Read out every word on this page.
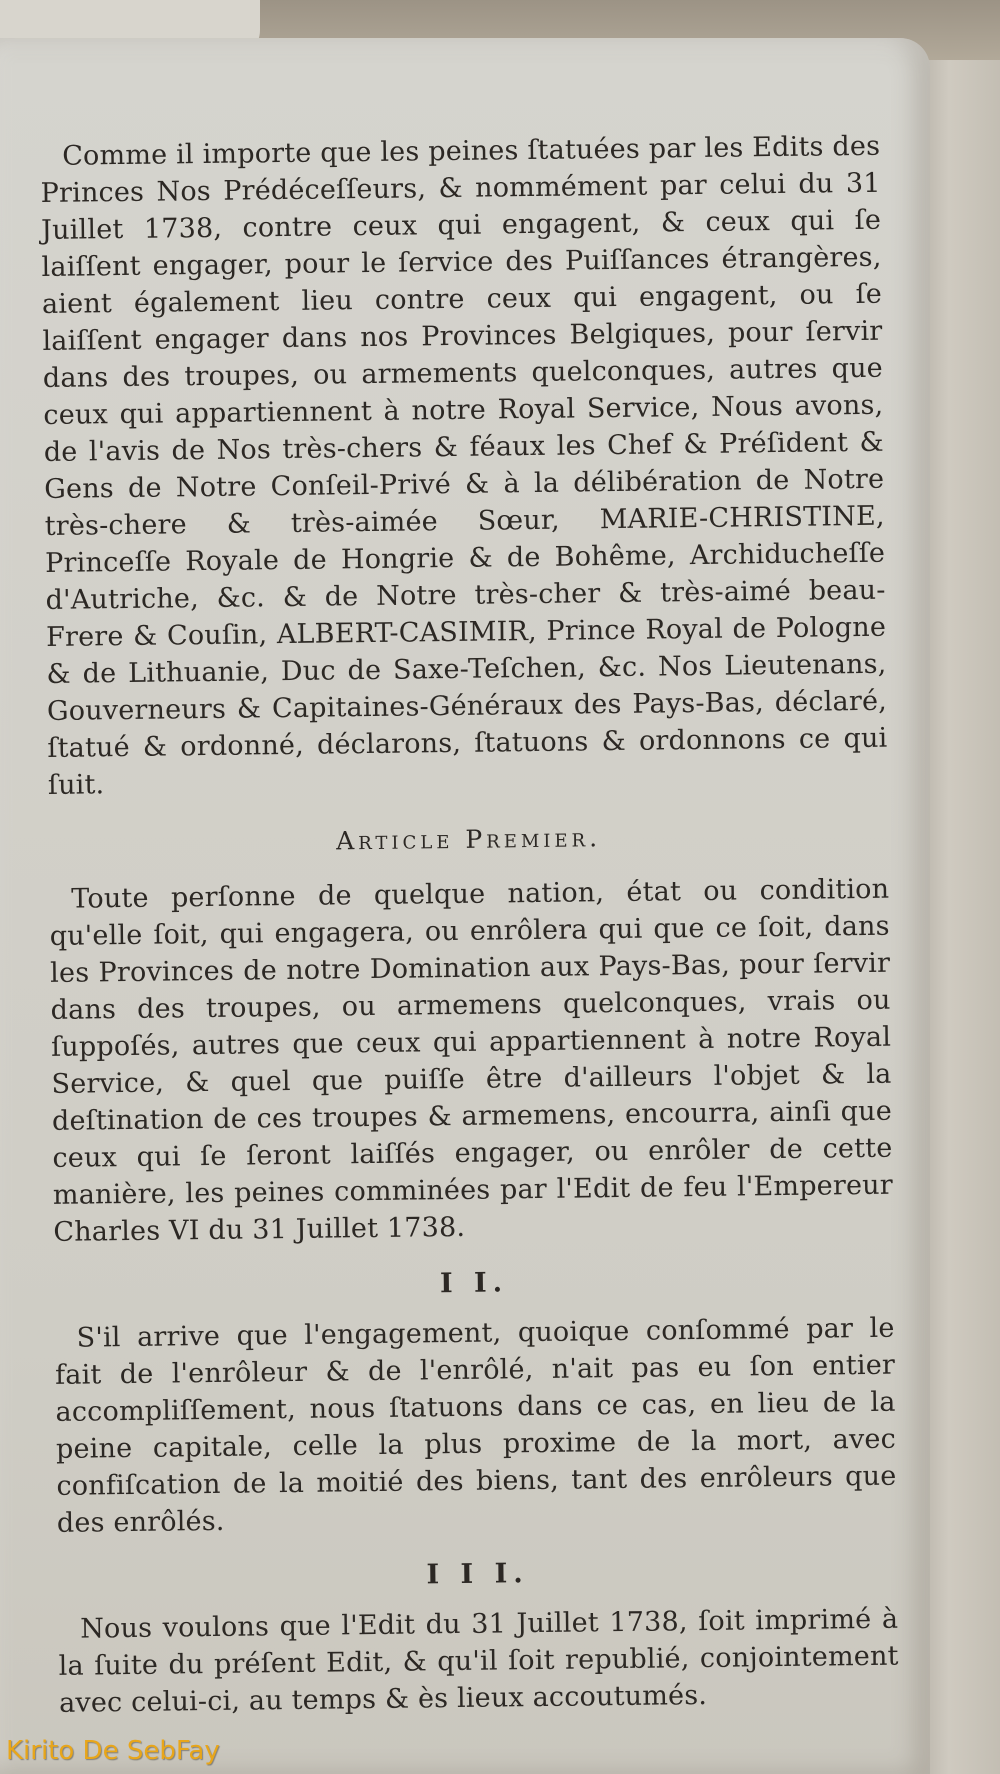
Comme il importe que les peines ſtatuées par les Edits des Princes Nos Prédéceſſeurs, & nommément par celui du 31 Juillet 1738, contre ceux qui engagent, & ceux qui ſe laiſſent engager, pour le ſervice des Puiſſances étrangères, aient également lieu contre ceux qui engagent, ou ſe laiſſent engager dans nos Provinces Belgiques, pour ſervir dans des troupes, ou armements quelconques, autres que ceux qui appartiennent à notre Royal Service, Nous avons, de l'avis de Nos très-chers & féaux les Chef & Préſident & Gens de Notre Conſeil-Privé & à la délibération de Notre très-chere & très-aimée Sœur, MARIE-CHRISTINE, Princeſſe Royale de Hongrie & de Bohême, Archiducheſſe d'Autriche, &c. & de Notre très-cher & très-aimé beau-Frere & Couſin, ALBERT-CASIMIR, Prince Royal de Pologne & de Lithuanie, Duc de Saxe-Teſchen, &c. Nos Lieutenans, Gouverneurs & Capitaines-Généraux des Pays-Bas, déclaré, ſtatué & ordonné, déclarons, ſtatuons & ordonnons ce qui ſuit.

Article Premier.

Toute perſonne de quelque nation, état ou condition qu'elle ſoit, qui engagera, ou enrôlera qui que ce ſoit, dans les Provinces de notre Domination aux Pays-Bas, pour ſervir dans des troupes, ou armemens quelconques, vrais ou ſuppoſés, autres que ceux qui appartiennent à notre Royal Service, & quel que puiſſe être d'ailleurs l'objet & la deſtination de ces troupes & armemens, encourra, ainſi que ceux qui ſe ſeront laiſſés engager, ou enrôler de cette manière, les peines comminées par l'Edit de feu l'Empereur Charles VI du 31 Juillet 1738.

I I.

S'il arrive que l'engagement, quoique conſommé par le fait de l'enrôleur & de l'enrôlé, n'ait pas eu ſon entier accompliſſement, nous ſtatuons dans ce cas, en lieu de la peine capitale, celle la plus proxime de la mort, avec confiſcation de la moitié des biens, tant des enrôleurs que des enrôlés.

I I I.

Nous voulons que l'Edit du 31 Juillet 1738, ſoit imprimé à la ſuite du préſent Edit, & qu'il ſoit republié, conjointement avec celui-ci, au temps & ès lieux accoutumés.

Kirito De SebFay
